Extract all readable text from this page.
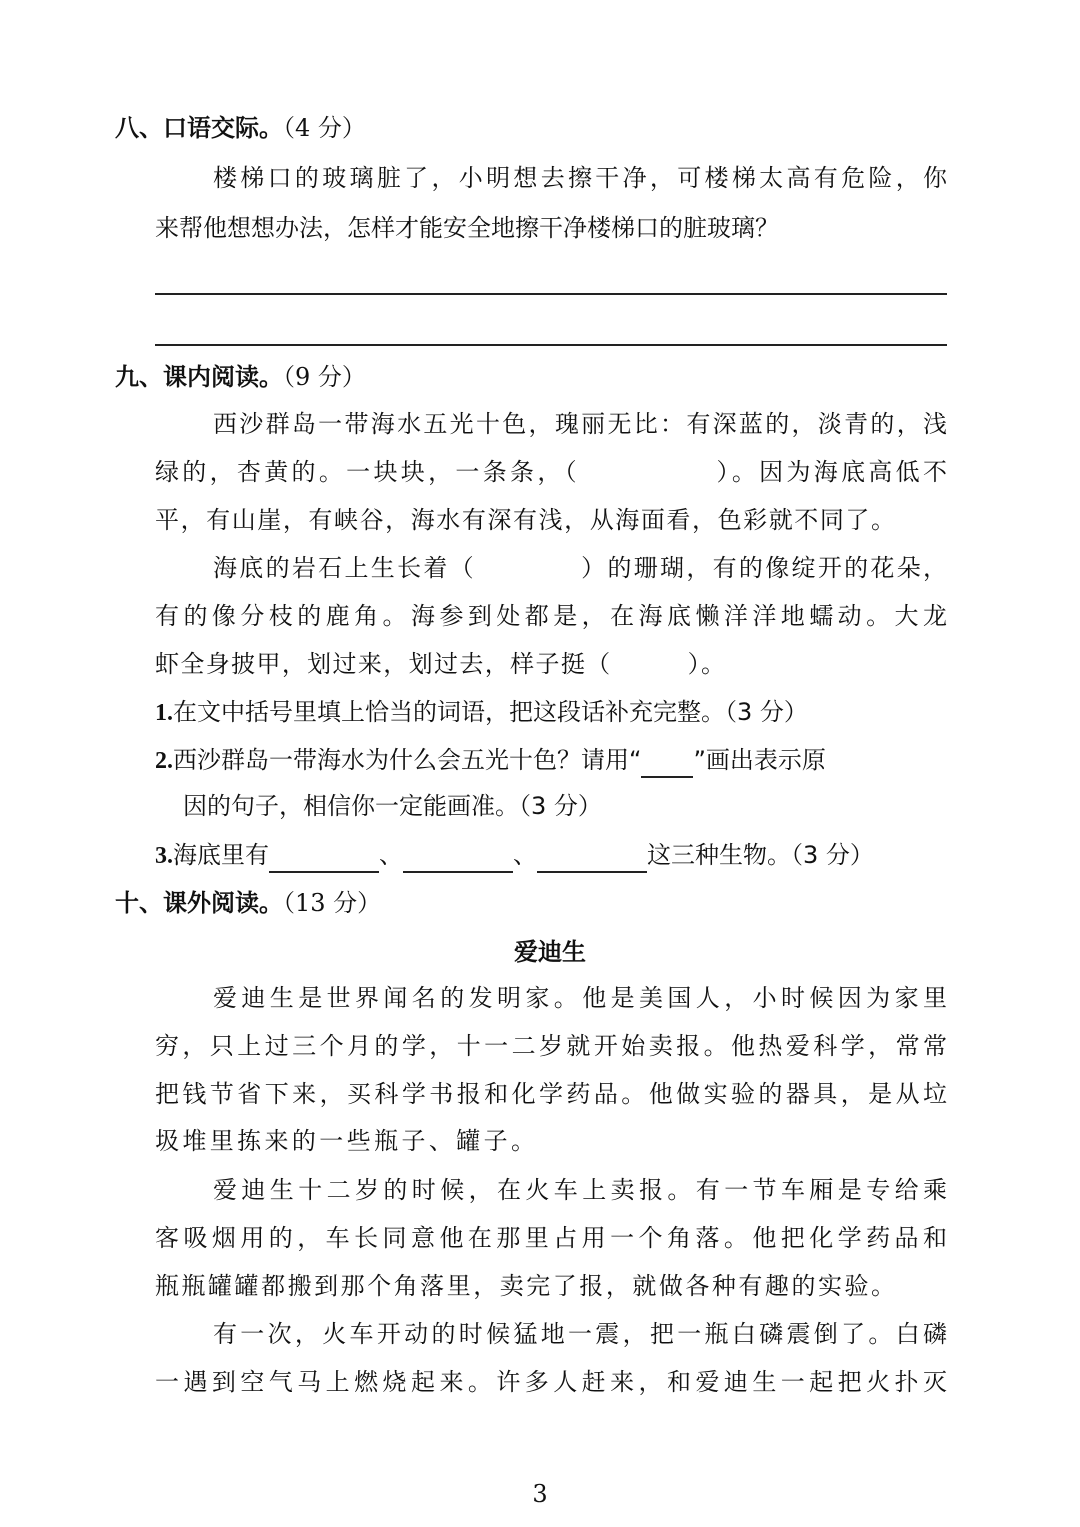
八、口语交际。（4 分）
楼梯口的玻璃脏了，小明想去擦干净，可楼梯太高有危险，你
来帮他想想办法，怎样才能安全地擦干净楼梯口的脏玻璃？
九、课内阅读。（9 分）
西沙群岛一带海水五光十色，瑰丽无比：有深蓝的，淡青的，浅
绿的，杏黄的。一块块，一条条，（　　　　　）。因为海底高低不
平，有山崖，有峡谷，海水有深有浅，从海面看，色彩就不同了。
海底的岩石上生长着（　　　　）的珊瑚，有的像绽开的花朵，
有的像分枝的鹿角。海参到处都是，在海底懒洋洋地蠕动。大龙
虾全身披甲，划过来，划过去，样子挺（　　　）。
1.在文中括号里填上恰当的词语，把这段话补充完整。（3 分）
2.西沙群岛一带海水为什么会五光十色？请用“ ”画出表示原
因的句子，相信你一定能画准。（3 分）
3.海底里有	、	、	这三种生物。（3 分）
十、课外阅读。（13 分）
爱迪生
爱迪生是世界闻名的发明家。他是美国人，小时候因为家里
穷，只上过三个月的学，十一二岁就开始卖报。他热爱科学，常常
把钱节省下来，买科学书报和化学药品。他做实验的器具，是从垃
圾堆里拣来的一些瓶子、罐子。
爱迪生十二岁的时候，在火车上卖报。有一节车厢是专给乘
客吸烟用的，车长同意他在那里占用一个角落。他把化学药品和
瓶瓶罐罐都搬到那个角落里，卖完了报，就做各种有趣的实验。
有一次，火车开动的时候猛地一震，把一瓶白磷震倒了。白磷
一遇到空气马上燃烧起来。许多人赶来，和爱迪生一起把火扑灭
3
